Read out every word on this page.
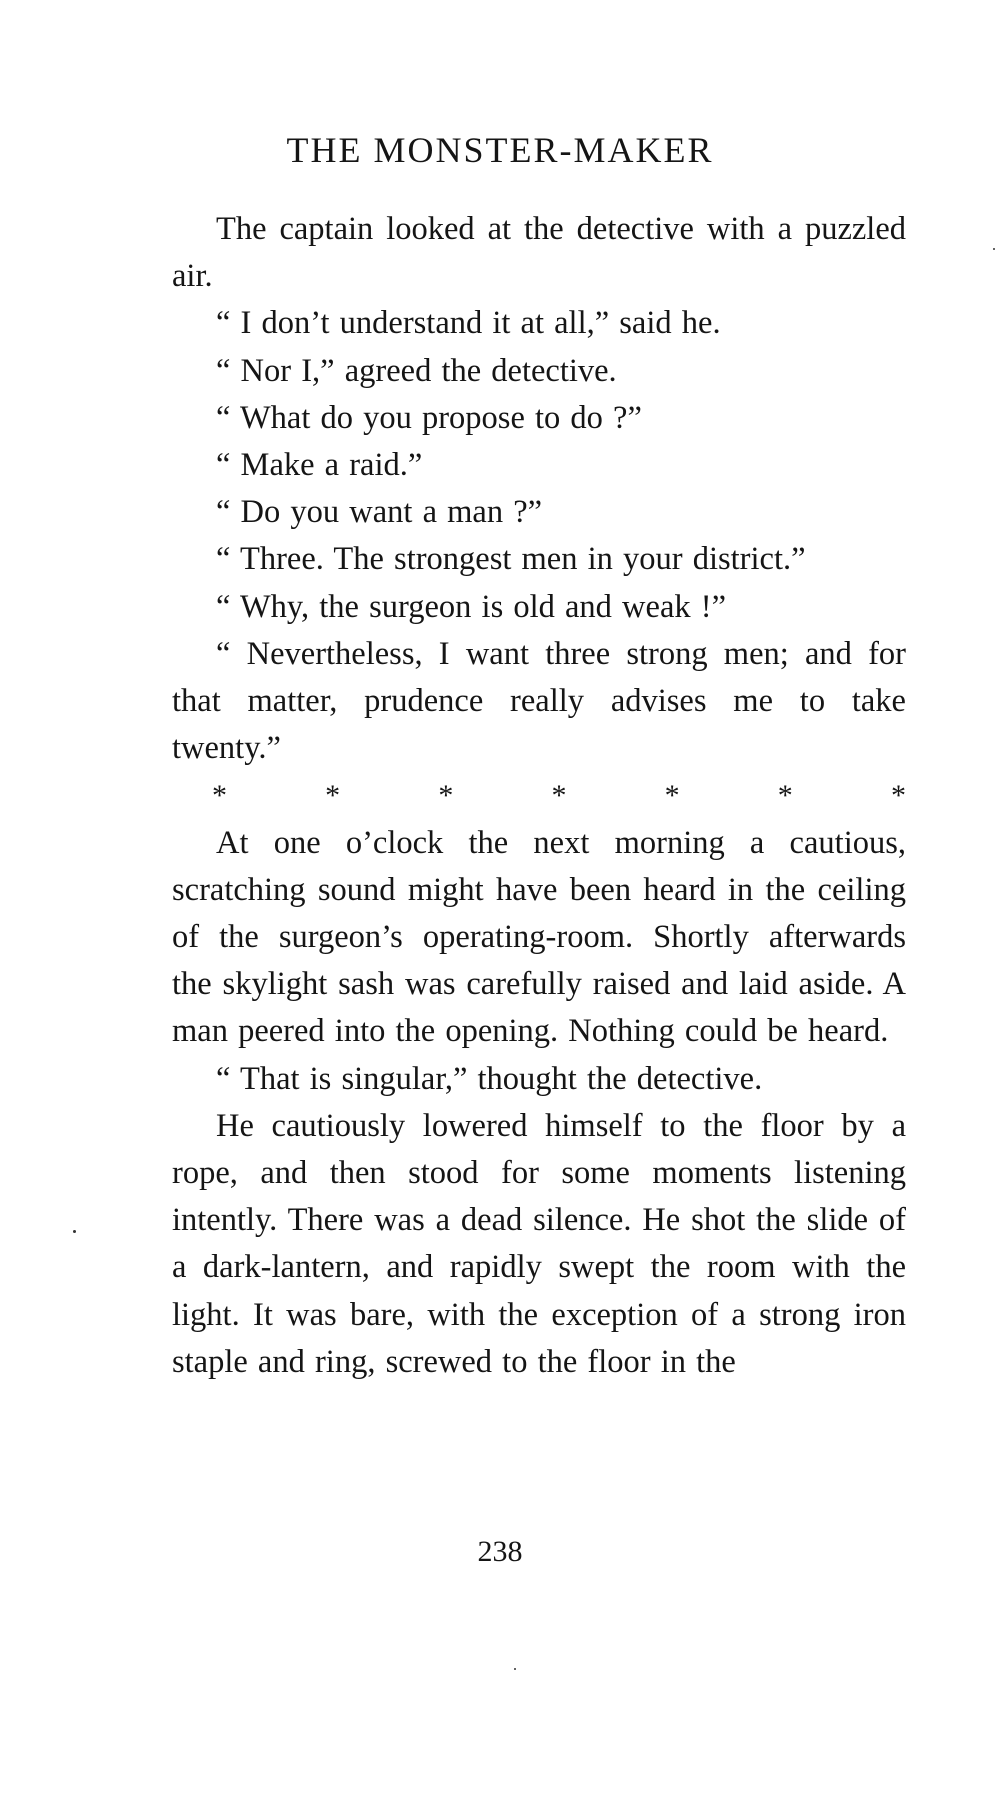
THE MONSTER-MAKER

The captain looked at the detective with a puzzled air.

“ I don’t understand it at all,” said he.

“ Nor I,” agreed the detective.

“ What do you propose to do ?”

“ Make a raid.”

“ Do you want a man ?”

“ Three. The strongest men in your district.”

“ Why, the surgeon is old and weak !”

“ Nevertheless, I want three strong men; and for that matter, prudence really advises me to take twenty.”

*	*	*	*	*	*	*

At one o’clock the next morning a cautious, scratching sound might have been heard in the ceiling of the surgeon’s operating-room. Shortly afterwards the skylight sash was carefully raised and laid aside. A man peered into the opening. Nothing could be heard.

“ That is singular,” thought the detective.

He cautiously lowered himself to the floor by a rope, and then stood for some moments listening intently. There was a dead silence. He shot the slide of a dark-lantern, and rapidly swept the room with the light. It was bare, with the exception of a strong iron staple and ring, screwed to the floor in the

238
